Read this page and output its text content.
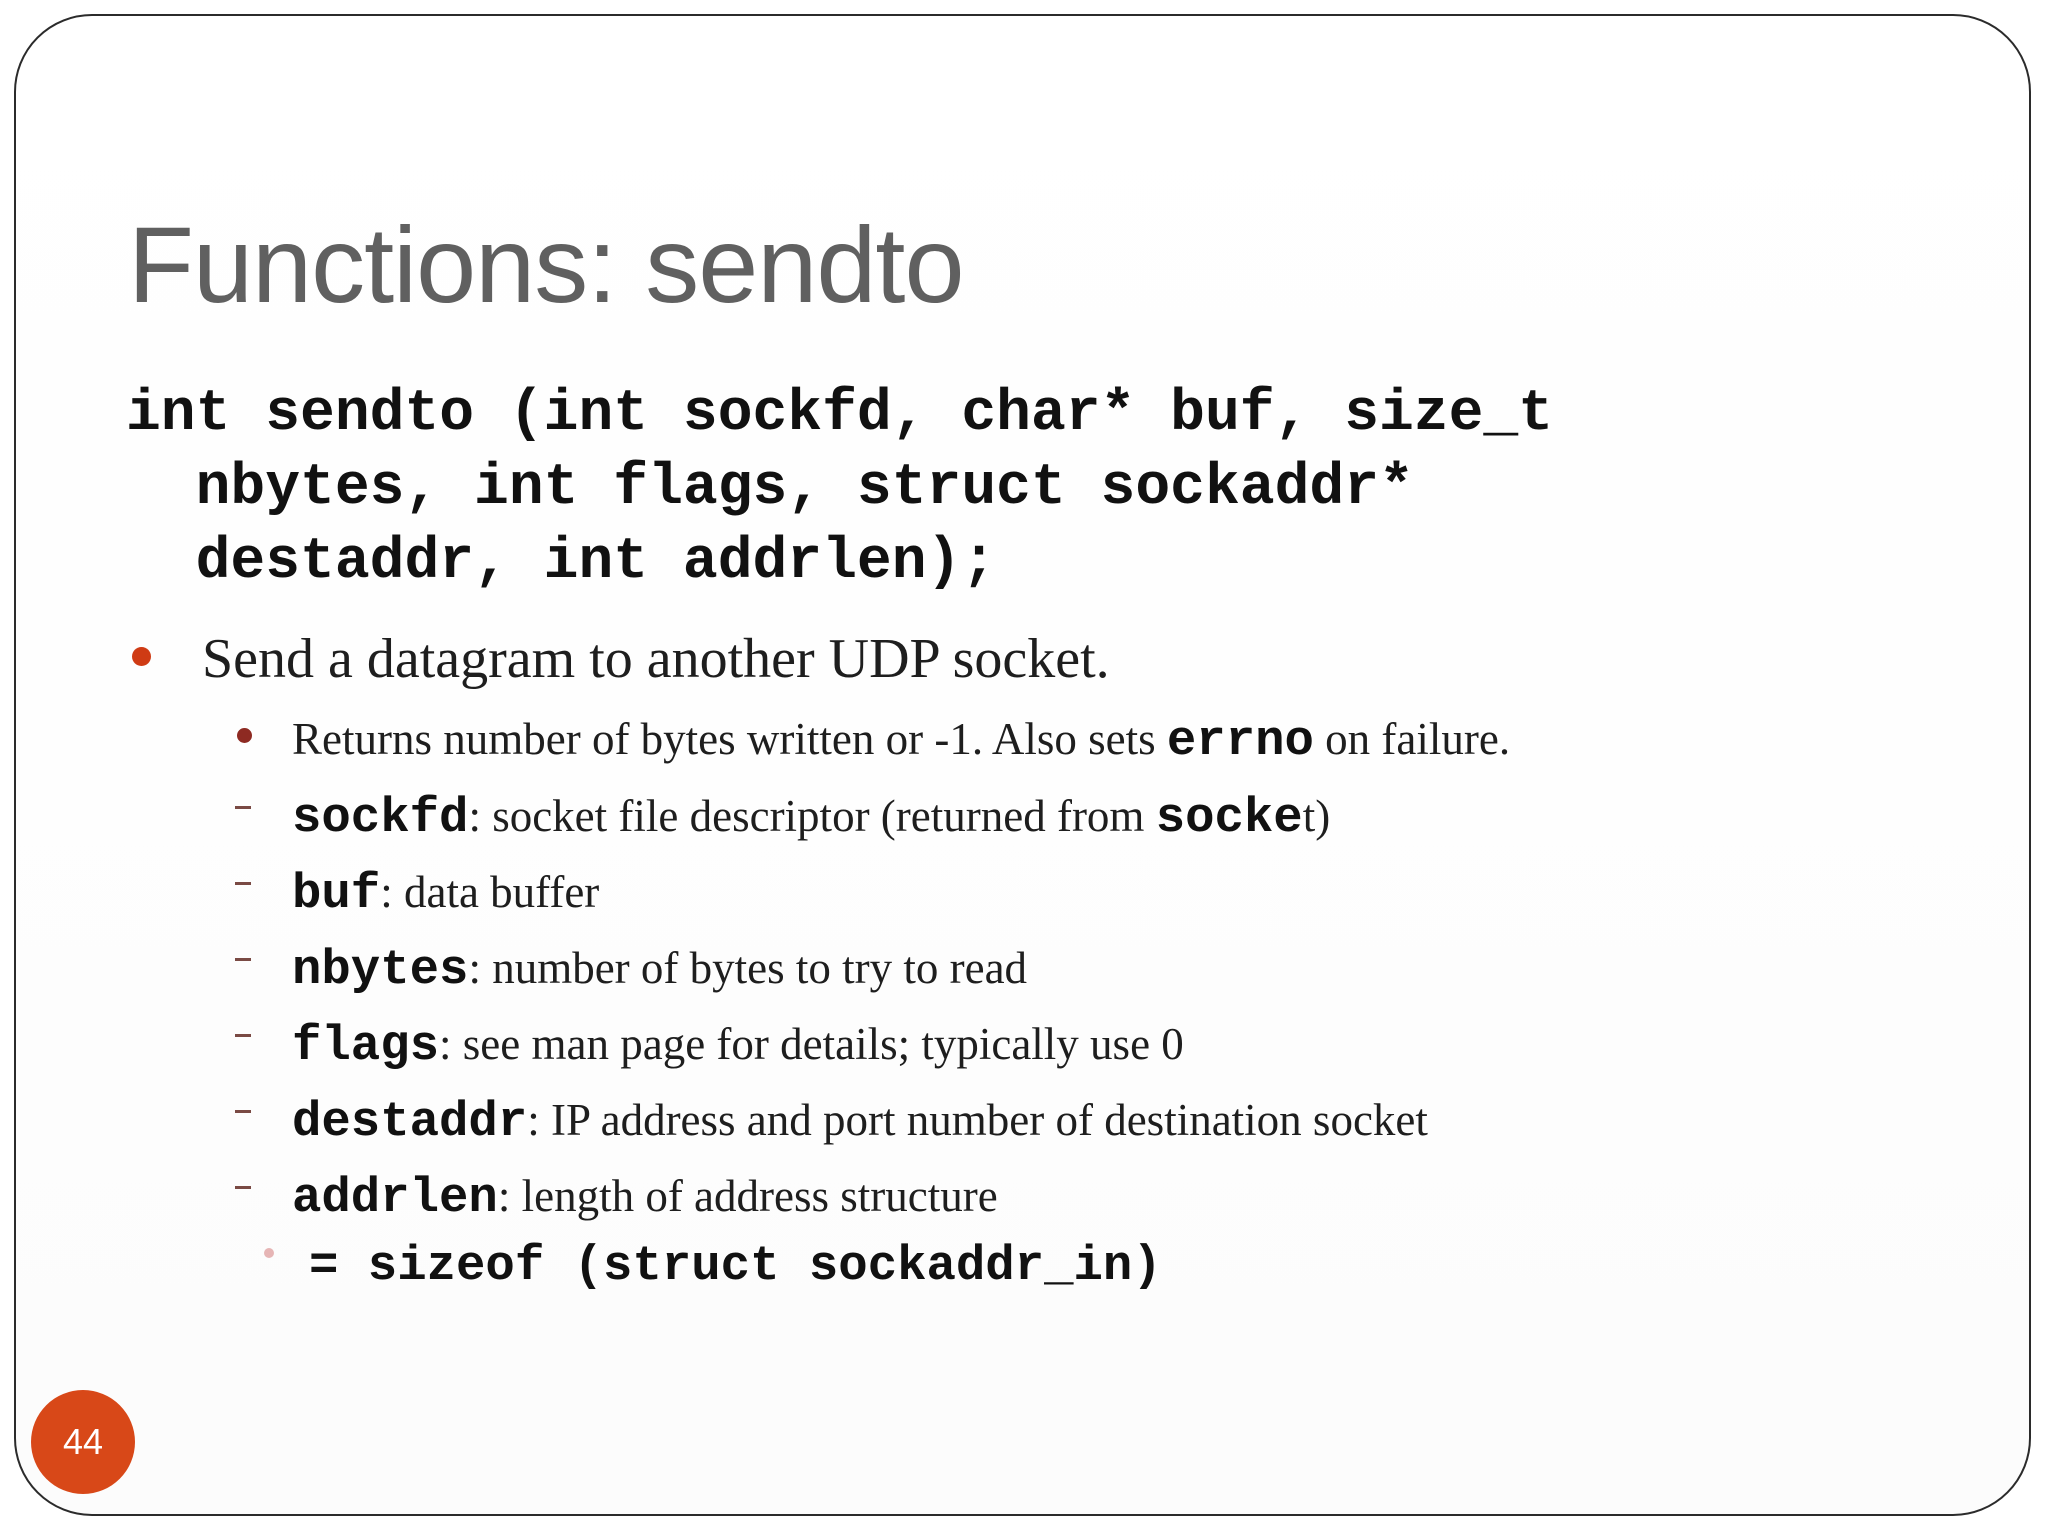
Functions: sendto
int sendto (int sockfd, char* buf, size_t
nbytes, int flags, struct sockaddr*
destaddr, int addrlen);
Send a datagram to another UDP socket.
Returns number of bytes written or -1. Also sets errno on failure.
sockfd: socket file descriptor (returned from socket)
buf: data buffer
nbytes: number of bytes to try to read
flags: see man page for details; typically use 0
destaddr: IP address and port number of destination socket
addrlen: length of address structure
= sizeof (struct sockaddr_in)
44
